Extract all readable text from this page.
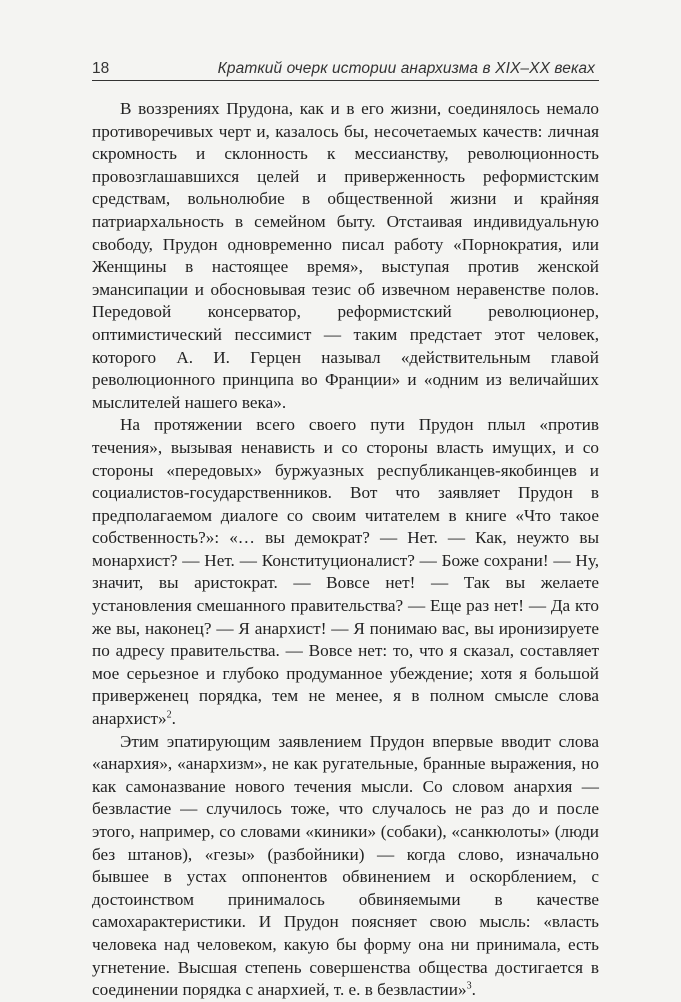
18	Краткий очерк истории анархизма в XIX–XX веках

В воззрениях Прудона, как и в его жизни, соединялось немало противоречивых черт и, казалось бы, несочетаемых качеств: личная скромность и склонность к мессианству, революционность провозглашавшихся целей и приверженность реформистским средствам, вольнолюбие в общественной жизни и крайняя патриархальность в семейном быту. Отстаивая индивидуальную свободу, Прудон одновременно писал работу «Порнократия, или Женщины в настоящее время», выступая против женской эмансипации и обосновывая тезис об извечном неравенстве полов. Передовой консерватор, реформистский революционер, оптимистический пессимист — таким предстает этот человек, которого А. И. Герцен называл «действительным главой революционного принципа во Франции» и «одним из величайших мыслителей нашего века».

На протяжении всего своего пути Прудон плыл «против течения», вызывая ненависть и со стороны власть имущих, и со стороны «передовых» буржуазных республиканцев-якобинцев и социалистов-государственников. Вот что заявляет Прудон в предполагаемом диалоге со своим читателем в книге «Что такое собственность?»: «… вы демократ? — Нет. — Как, неужто вы монархист? — Нет. — Конституционалист? — Боже сохрани! — Ну, значит, вы аристократ. — Вовсе нет! — Так вы желаете установления смешанного правительства? — Еще раз нет! — Да кто же вы, наконец? — Я анархист! — Я понимаю вас, вы иронизируете по адресу правительства. — Вовсе нет: то, что я сказал, составляет мое серьезное и глубоко продуманное убеждение; хотя я большой приверженец порядка, тем не менее, я в полном смысле слова анархист»$^2$.

Этим эпатирующим заявлением Прудон впервые вводит слова «анархия», «анархизм», не как ругательные, бранные выражения, но как самоназвание нового течения мысли. Со словом анархия — безвластие — случилось тоже, что случалось не раз до и после этого, например, со словами «киники» (собаки), «санкюлоты» (люди без штанов), «гезы» (разбойники) — когда слово, изначально бывшее в устах оппонентов обвинением и оскорблением, с достоинством принималось обвиняемыми в качестве самохарактеристики. И Прудон поясняет свою мысль: «власть человека над человеком, какую бы форму она ни принимала, есть угнетение. Высшая степень совершенства общества достигается в соединении порядка с анархией, т. е. в безвластии»$^3$.
